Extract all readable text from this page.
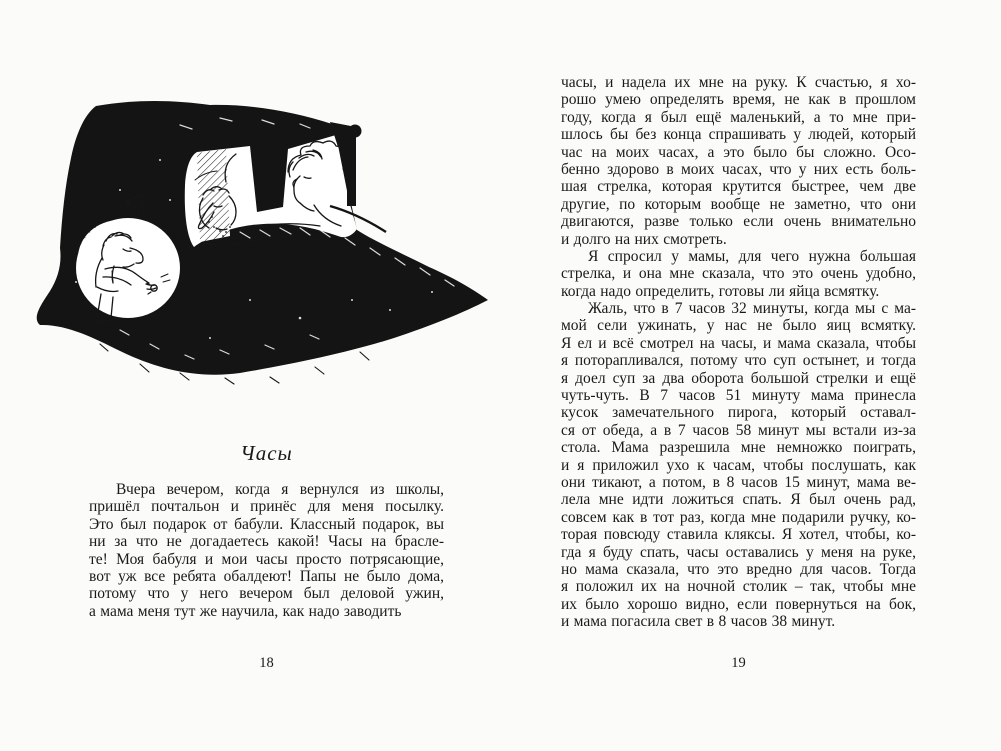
Часы
Вчера вечером, когда я вернулся из школы,
пришёл почтальон и принёс для меня посылку.
Это был подарок от бабули. Классный подарок, вы
ни за что не догадаетесь какой! Часы на брасле-
те! Моя бабуля и мои часы просто потрясающие,
вот уж все ребята обалдеют! Папы не было дома,
потому что у него вечером был деловой ужин,
а мама меня тут же научила, как надо заводить
18
часы, и надела их мне на руку. К счастью, я хо-
рошо умею определять время, не как в прошлом
году, когда я был ещё маленький, а то мне при-
шлось бы без конца спрашивать у людей, который
час на моих часах, а это было бы сложно. Осо-
бенно здорово в моих часах, что у них есть боль-
шая стрелка, которая крутится быстрее, чем две
другие, по которым вообще не заметно, что они
двигаются, разве только если очень внимательно
и долго на них смотреть.
Я спросил у мамы, для чего нужна большая
стрелка, и она мне сказала, что это очень удобно,
когда надо определить, готовы ли яйца всмятку.
Жаль, что в 7 часов 32 минуты, когда мы с ма-
мой сели ужинать, у нас не было яиц всмятку.
Я ел и всё смотрел на часы, и мама сказала, чтобы
я поторапливался, потому что суп остынет, и тогда
я доел суп за два оборота большой стрелки и ещё
чуть-чуть. В 7 часов 51 минуту мама принесла
кусок замечательного пирога, который оставал-
ся от обеда, а в 7 часов 58 минут мы встали из-за
стола. Мама разрешила мне немножко поиграть,
и я приложил ухо к часам, чтобы послушать, как
они тикают, а потом, в 8 часов 15 минут, мама ве-
лела мне идти ложиться спать. Я был очень рад,
совсем как в тот раз, когда мне подарили ручку, ко-
торая повсюду ставила кляксы. Я хотел, чтобы, ко-
гда я буду спать, часы оставались у меня на руке,
но мама сказала, что это вредно для часов. Тогда
я положил их на ночной столик – так, чтобы мне
их было хорошо видно, если повернуться на бок,
и мама погасила свет в 8 часов 38 минут.
19
